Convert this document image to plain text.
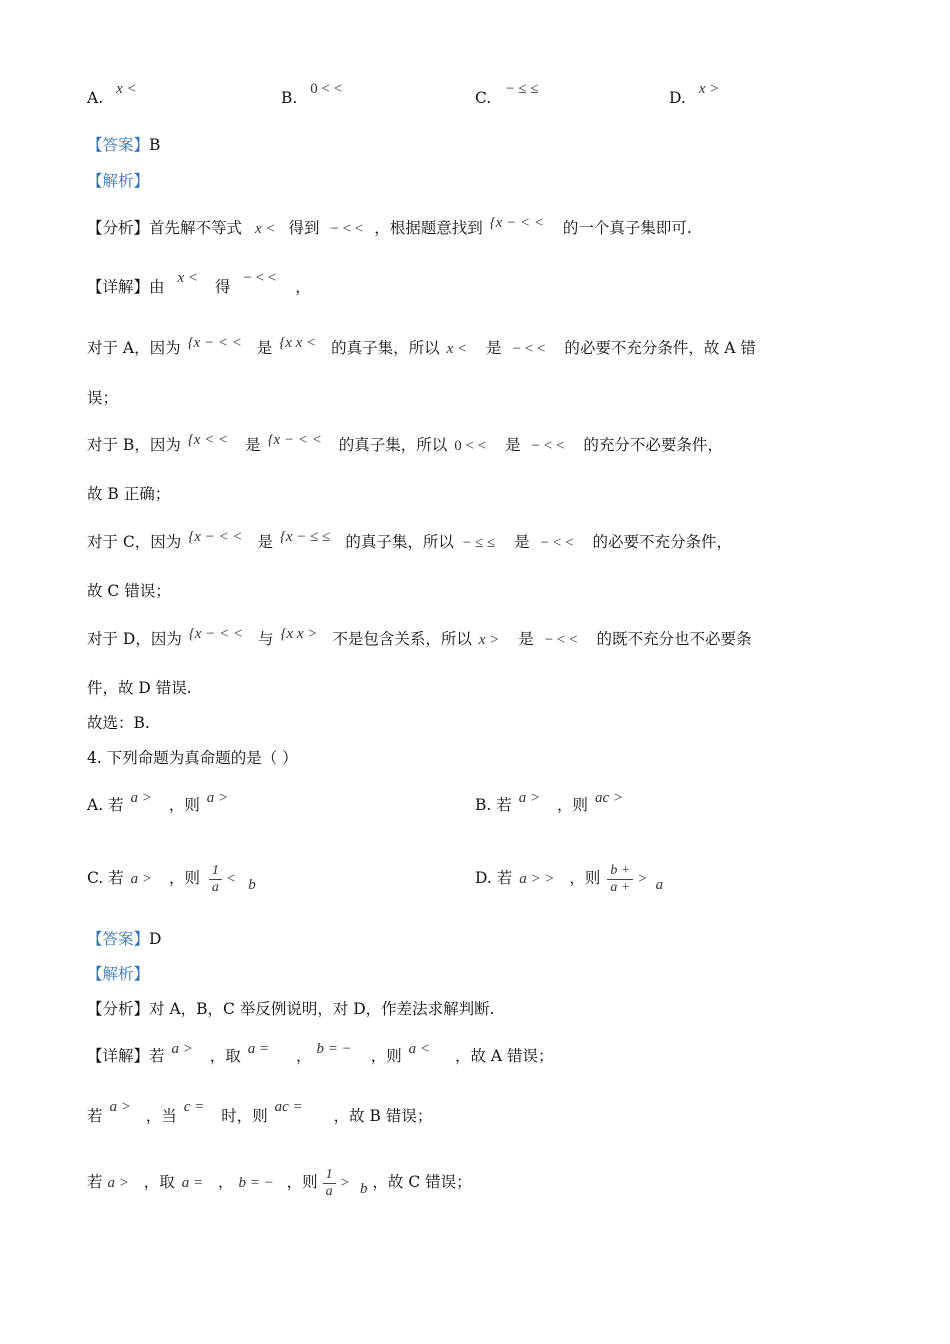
A. x <	B. 0 < <	C. − ≤ ≤	D. x >
【答案】B
【解析】
【分析】首先解不等式 x < 得到 − < < ，根据题意找到 {x − < < 的一个真子集即可.
【详解】由 x < 得 − < < ，
对于 A，因为 {x − < < 是 {x x < 的真子集，所以 x < 是 − < < 的必要不充分条件，故 A 错
误；
对于 B，因为 {x < < 是 {x − < < 的真子集，所以 0 < < 是 − < < 的充分不必要条件，
故 B 正确；
对于 C，因为 {x − < < 是 {x − ≤ ≤ 的真子集，所以 − ≤ ≤ 是 − < < 的必要不充分条件，
故 C 错误；
对于 D，因为 {x − < < 与 {x x > 不是包含关系，所以 x > 是 − < < 的既不充分也不必要条
件，故 D 错误.
故选：B.
4. 下列命题为真命题的是（ ）
A. 若 a > ，则 a >	B. 若 a > ，则 ac >
C. 若 a > ，则 $\frac{1}{a} < b$	D. 若 a > > ，则 $\frac{b +}{a +} > a$
【答案】D
【解析】
【分析】对 A，B，C 举反例说明，对 D，作差法求解判断.
【详解】若 a > ，取 a = ， b = − ，则 a < ，故 A 错误；
若 a > ，当 c = 时，则 ac = ，故 B 错误；
若 a > ，取 a = ， b = − ，则 $\frac{1}{a} > b$ ，故 C 错误；
